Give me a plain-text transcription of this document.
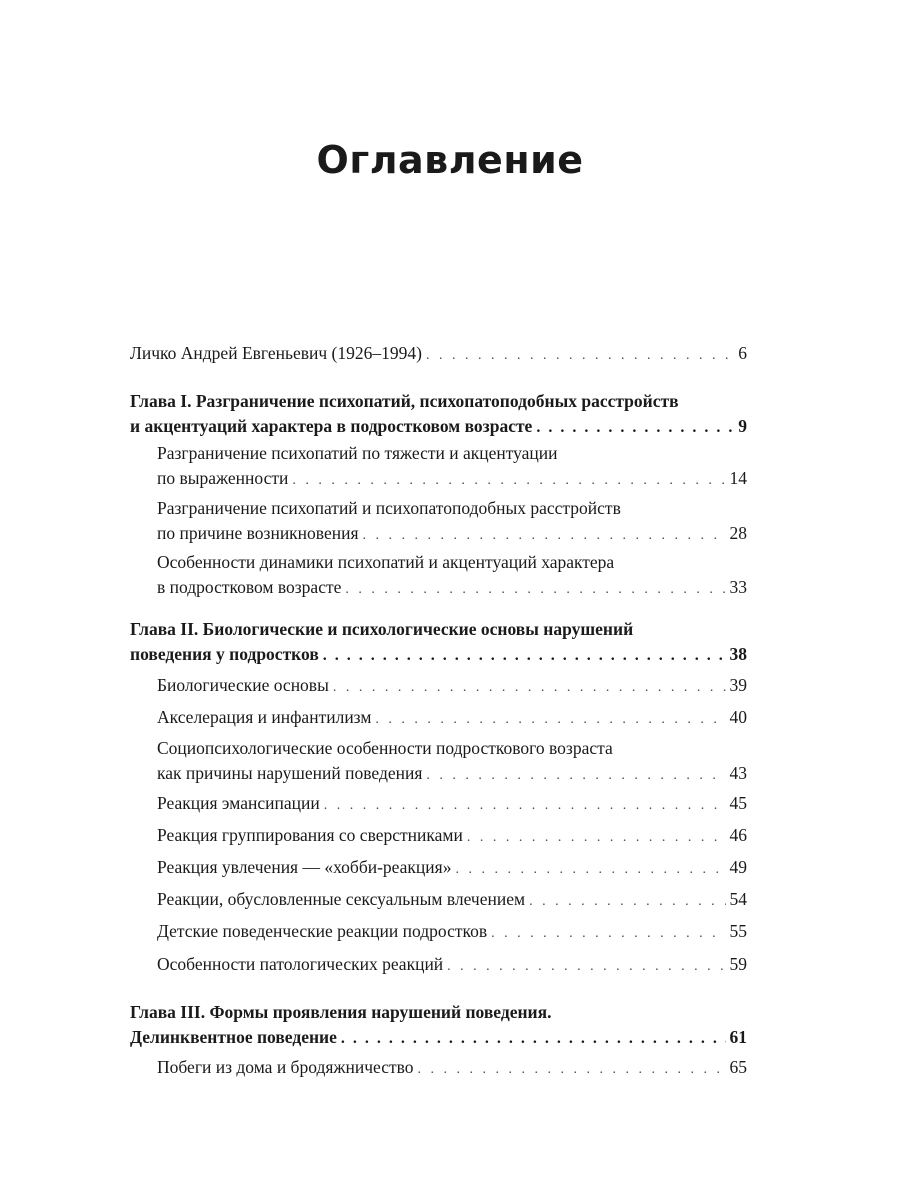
Оглавление
Личко Андрей Евгеньевич (1926–1994) . . .	6
Глава I. Разграничение психопатий, психопатоподобных расстройств
и акцентуаций характера в подростковом возрасте . . .	9
Разграничение психопатий по тяжести и акцентуации
по выраженности . . .	14
Разграничение психопатий и психопатоподобных расстройств
по причине возникновения . . .	28
Особенности динамики психопатий и акцентуаций характера
в подростковом возрасте . . .	33
Глава II. Биологические и психологические основы нарушений
поведения у подростков . . .	38
Биологические основы . . .	39
Акселерация и инфантилизм . . .	40
Социопсихологические особенности подросткового возраста
как причины нарушений поведения . . .	43
Реакция эмансипации . . .	45
Реакция группирования со сверстниками . . .	46
Реакция увлечения — «хобби-реакция» . . .	49
Реакции, обусловленные сексуальным влечением . . .	54
Детские поведенческие реакции подростков . . .	55
Особенности патологических реакций . . .	59
Глава III. Формы проявления нарушений поведения.
Делинквентное поведение . . .	61
Побеги из дома и бродяжничество . . .	65
